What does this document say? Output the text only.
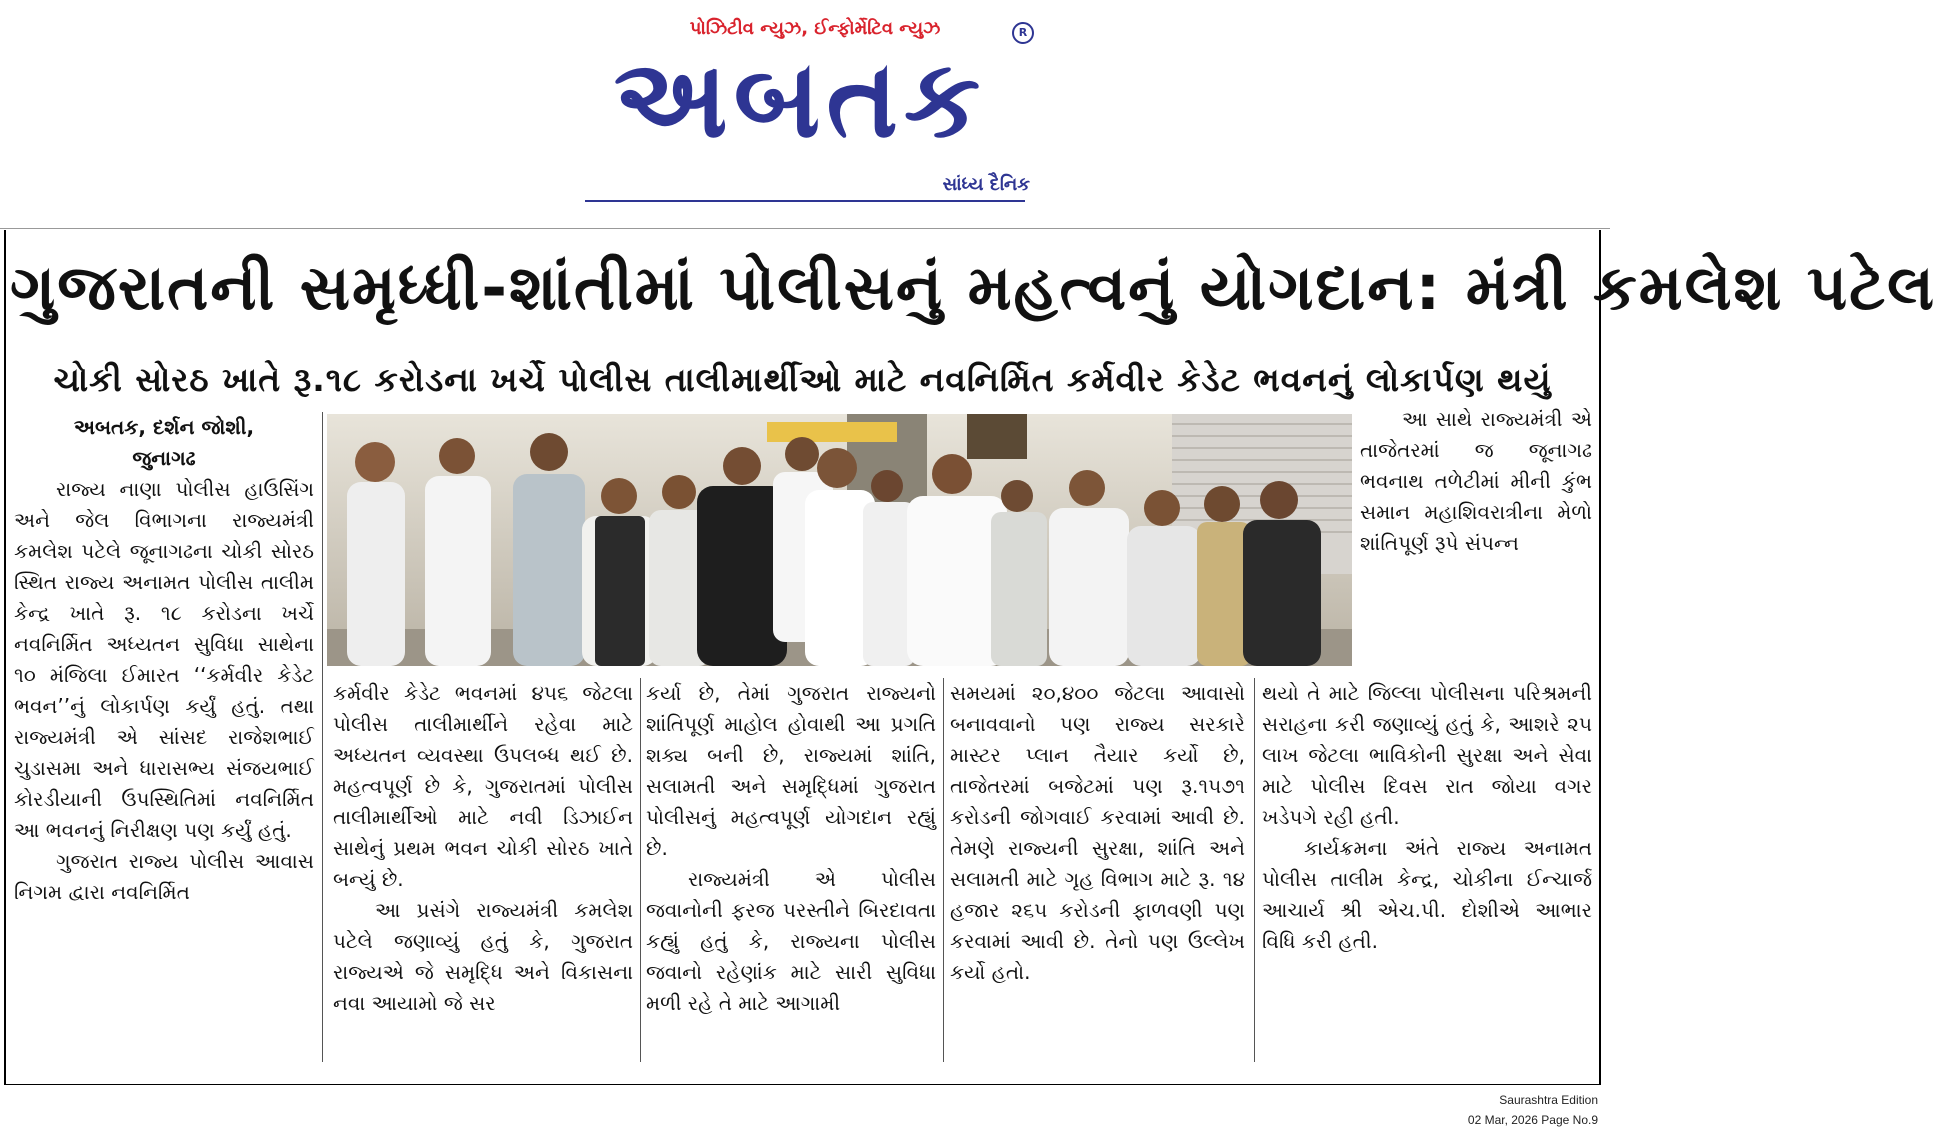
પોઝિટીવ ન્યુઝ, ઈન્ફોર્મેટિવ ન્યુઝ
અબતક
R
સાંધ્ય દૈનિક
ગુજરાતની સમૃધ્ધી-શાંતીમાં પોલીસનું મહત્વનું યોગદાન: મંત્રી કમલેશ પટેલ
ચોકી સોરઠ ખાતે રૂ.૧૮ કરોડના ખર્ચે પોલીસ તાલીમાર્થીઓ માટે નવનિર્મિત કર્મવીર કેડેટ ભવનનું લોકાર્પણ થયું

અબતક, દર્શન જોશી,

જુનાગઢ

રાજ્ય નાણા પોલીસ હાઉસિંગ અને જેલ વિભાગના રાજ્યમંત્રી કમલેશ પટેલે જૂનાગઢના ચોકી સોરઠ સ્થિત રાજ્ય અનામત પોલીસ તાલીમ કેન્દ્ર ખાતે રૂ. ૧૮ કરોડના ખર્ચે નવનિર્મિત અધ્યતન સુવિધા સાથેના ૧૦ મંજિલા ઈમારત ‘‘કર્મવીર કેડેટ ભવન’’નું લોકાર્પણ કર્યું હતું. તથા રાજ્યમંત્રી એ સાંસદ રાજેશભાઈ ચુડાસમા અને ધારાસભ્ય સંજયભાઈ કોરડીયાની ઉપસ્થિતિમાં નવનિર્મિત આ ભવનનું નિરીક્ષણ પણ કર્યું હતું.

ગુજરાત રાજ્ય પોલીસ આવાસ નિગમ દ્વારા નવનિર્મિત

આ સાથે રાજ્યમંત્રી એ તાજેતરમાં જ જૂનાગઢ ભવનાથ તળેટીમાં મીની કુંભ સમાન મહાશિવરાત્રીના મેળો શાંતિપૂર્ણ રૂપે સંપન્ન

કર્મવીર કેડેટ ભવનમાં ૪૫૬ જેટલા પોલીસ તાલીમાર્થીને રહેવા માટે અધ્યતન વ્યવસ્થા ઉપલબ્ધ થઈ છે. મહત્વપૂર્ણ છે કે, ગુજરાતમાં પોલીસ તાલીમાર્થીઓ માટે નવી ડિઝાઈન સાથેનું પ્રથમ ભવન ચોકી સોરઠ ખાતે બન્યું છે.

આ પ્રસંગે રાજ્યમંત્રી કમલેશ પટેલે જણાવ્યું હતું કે, ગુજરાત રાજ્યએ જે સમૃદ્ધિ અને વિકાસના નવા આયામો જે સર

કર્યા છે, તેમાં ગુજરાત રાજ્યનો શાંતિપૂર્ણ માહોલ હોવાથી આ પ્રગતિ શક્ય બની છે, રાજ્યમાં શાંતિ, સલામતી અને સમૃદ્ધિમાં ગુજરાત પોલીસનું મહત્વપૂર્ણ યોગદાન રહ્યું છે.

રાજ્યમંત્રી એ પોલીસ જવાનોની ફરજ પરસ્તીને બિરદાવતા કહ્યું હતું કે, રાજ્યના પોલીસ જવાનો રહેણાંક માટે સારી સુવિધા મળી રહે તે માટે આગામી

સમયમાં ૨૦,૪૦૦ જેટલા આવાસો બનાવવાનો પણ રાજ્ય સરકારે માસ્ટર પ્લાન તૈયાર કર્યો છે, તાજેતરમાં બજેટમાં પણ રૂ.૧૫૭૧ કરોડની જોગવાઈ કરવામાં આવી છે. તેમણે રાજ્યની સુરક્ષા, શાંતિ અને સલામતી માટે ગૃહ વિભાગ માટે રૂ. ૧૪ હજાર ૨૬૫ કરોડની ફાળવણી પણ કરવામાં આવી છે. તેનો પણ ઉલ્લેખ કર્યો હતો.

થયો તે માટે જિલ્લા પોલીસના પરિશ્રમની સરાહના કરી જણાવ્યું હતું કે, આશરે ૨૫ લાખ જેટલા ભાવિકોની સુરક્ષા અને સેવા માટે પોલીસ દિવસ રાત જોયા વગર ખડેપગે રહી હતી.

કાર્યક્રમના અંતે રાજ્ય અનામત પોલીસ તાલીમ કેન્દ્ર, ચોકીના ઈન્ચાર્જ આચાર્ય શ્રી એચ.પી. દોશીએ આભાર વિધિ કરી હતી.

Saurashtra Edition
02 Mar, 2026 Page No.9
